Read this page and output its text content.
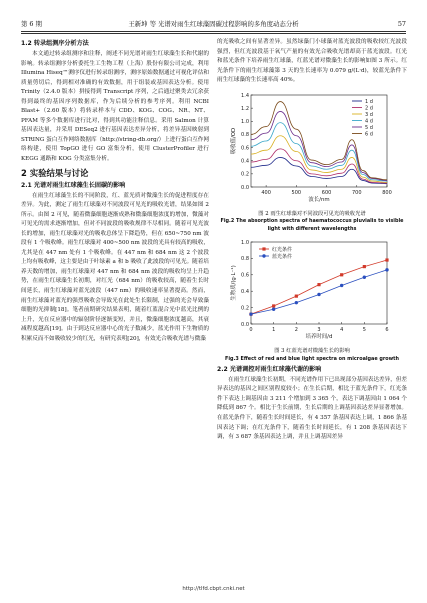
第 6 期	王新坤 等 光谱对雨生红球藻固碳过程影响的多角度动态分析	57
1.2 转录组测序分析方法

本文通过转录组测序和注释，阐述不同光谱对雨生红球藻生长和代谢的影响。转录组测序分析委托生工生物工程（上海）股份有限公司完成，利用 Illumina Hiseq™测序仪进行转录组测序，测序原始数据通过可视化评估和质量剪切后，得到相对准确的有效数据，用于组装或基因表达分析。使用 Trinity（2.4.0 版本）拼接得到 Transcript 序列，之后通过聚类去冗余获得到最终的基因序列数据库，作为后续分析的参考序列。利用 NCBI Blast+（2.60 版本）将转录样本与 CDD、KOG、COG、NR、NT、PFAM 等多个数据库进行比对，得到其功能注释信息。采用 Salmon 计算基因表达量，并采用 DESeq2 进行基因表达差异分析，将差异基因映射到 STRING 蛋白互作网络数据库（http://string-db.org/）上进行蛋白互作网络构建，使用 TopGO 进行 GO 富集分析，使用 ClusterProfiler 进行 KEGG 通路和 KOG 分类富集分析。

2 实验结果与讨论
2.1 光谱对雨生红球藻生长固碳的影响

在雨生红球藻生长的不同阶段，红、蓝光质对微藻生长的促进程度存在差异。为此，测定了雨生红球藻对不同波段可见光的吸收光谱，结果如图 2 所示。由图 2 可见，随着微藻细胞逐渐成熟和微藻细胞浓度的增加，微藻对可见光的需求逐渐增加，但对不同波段的吸收规律不尽相同。随着可见光波长的增加，雨生红球藻对光的吸收总体呈下降趋势，但在 650~750 nm 波段有 1 个吸收峰。雨生红球藻对 400~500 nm 波段的光具有较高的吸收，尤其是在 447 nm 处有 1 个吸收峰。在 447 nm 和 684 nm 这 2 个波段上均有吸收峰，这主要是由于叶绿素 a 和 b 吸收了此波段的可见光。随着培养天数的增加，雨生红球藻对 447 nm 和 684 nm 波段的吸收均呈上升趋势，在雨生红球藻生长初期，对红光（684 nm）的吸收较高，随着生长时间延长，雨生红球藻对蓝光波段（447 nm）的吸收速率显著提高。然而，雨生红球藻对蓝光的强烈吸收会导致光在此处生长限制，过强的光会导致藻细胞的光抑制[18]。笔者前期研究结果表明，随着红蓝混合光中蓝光比例的上升，光在反应器中的辐射阶径逐渐变短，并且，微藻细胞浓度越高，其衰减程度越高[19]。由于到达反应器中心的光子数减少，蓝光作用下生物质的积累反而不如吸收较少的红光，有研究表明[20]，有效光合吸收光谱与微藻

的光吸收之间有显著差异。虽然绿藻门小球藻对蓝光波段的吸收较红光波段强烈，但红光波段基于氧气产量的有效光合吸收光谱却高于蓝光波段。红光和蓝光条件下培养雨生红球藻，红蓝光谱对微藻生长的影响如图 3 所示。红光条件下的雨生红球藻第 3 天的生长速率为 0.079 g/(L·d)，较蓝光条件下雨生红球藻的生长速率高 40%。

400	500	600	700	800
0.0
0.2
0.4
0.6
0.8
1.0
1.2
1.4
波长/nm
吸收值/OD
1 d
2 d
3 d
4 d
5 d
6 d
图 2 雨生红球藻对不同波段可见光的吸收光谱
Fig.2 The absorption spectra of haematococcus pluvialis to visible light with different wavelengths
0	1	2	3	4	5	6
0.0
0.2
0.4
0.6
0.8
1.0
培养时间/d
生物质/(g·L⁻¹)
红光条件
蓝光条件
图 3 红蓝光谱对微藻生长的影响
Fig.3 Effect of red and blue light spectra on microalgae growth
2.2 光谱调控对雨生红球藻代谢的影响

在雨生红球藻生长初期，不同光谱作用下已出现部分基因表达差异，但差异表达的基因之间区别程度较小；在生长后期，相比于蓝光条件下，红光条件下表达上调基因由 3 211 个增加到 3 365 个，表达下调基因由 1 064 个降低到 867 个。相比于生长前期，生长后期的上调基因表达差异显著增加。在蓝光条件下，随着生长时间延长，有 4 357 条基因表达上调，1 866 条基因表达下调；在红光条件下，随着生长时间延长，有 1 208 条基因表达下调，有 3 687 条基因表达上调，并且上调基因差异

http://tlfd.cbpt.cnki.net
